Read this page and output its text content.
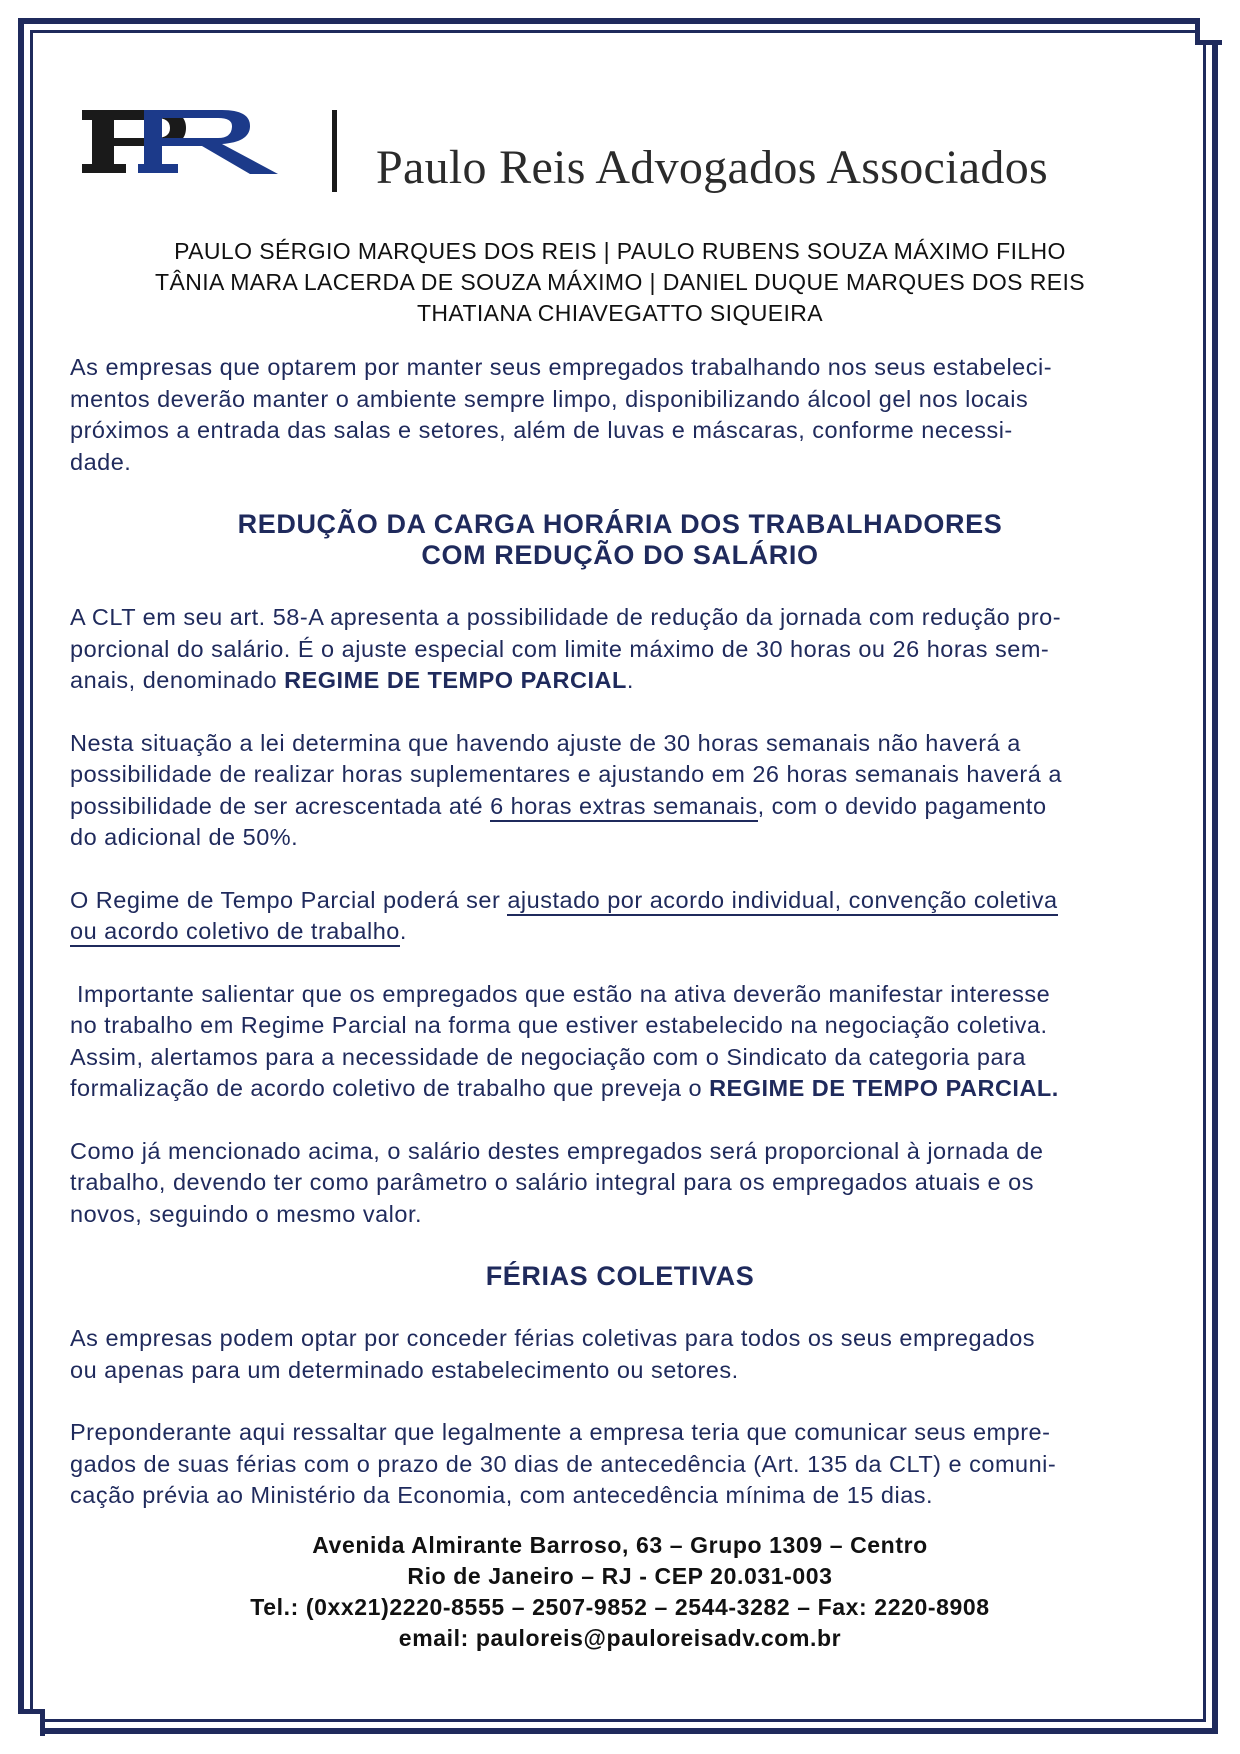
Paulo Reis Advogados Associados
PAULO SÉRGIO MARQUES DOS REIS | PAULO RUBENS SOUZA MÁXIMO FILHO
TÂNIA MARA LACERDA DE SOUZA MÁXIMO | DANIEL DUQUE MARQUES DOS REIS
THATIANA CHIAVEGATTO SIQUEIRA

As empresas que optarem por manter seus empregados trabalhando nos seus estabeleci-
mentos deverão manter o ambiente sempre limpo, disponibilizando álcool gel nos locais
próximos a entrada das salas e setores, além de luvas e máscaras, conforme necessi-
dade.

REDUÇÃO DA CARGA HORÁRIA DOS TRABALHADORES
COM REDUÇÃO DO SALÁRIO

A CLT em seu art. 58-A apresenta a possibilidade de redução da jornada com redução pro-
porcional do salário. É o ajuste especial com limite máximo de 30 horas ou 26 horas sem-
anais, denominado REGIME DE TEMPO PARCIAL.

Nesta situação a lei determina que havendo ajuste de 30 horas semanais não haverá a
possibilidade de realizar horas suplementares e ajustando em 26 horas semanais haverá a
possibilidade de ser acrescentada até 6 horas extras semanais, com o devido pagamento
do adicional de 50%.

O Regime de Tempo Parcial poderá ser ajustado por acordo individual, convenção coletiva
ou acordo coletivo de trabalho.

Importante salientar que os empregados que estão na ativa deverão manifestar interesse
no trabalho em Regime Parcial na forma que estiver estabelecido na negociação coletiva.
Assim, alertamos para a necessidade de negociação com o Sindicato da categoria para
formalização de acordo coletivo de trabalho que preveja o REGIME DE TEMPO PARCIAL.

Como já mencionado acima, o salário destes empregados será proporcional à jornada de
trabalho, devendo ter como parâmetro o salário integral para os empregados atuais e os
novos, seguindo o mesmo valor.

FÉRIAS COLETIVAS

As empresas podem optar por conceder férias coletivas para todos os seus empregados
ou apenas para um determinado estabelecimento ou setores.

Preponderante aqui ressaltar que legalmente a empresa teria que comunicar seus empre-
gados de suas férias com o prazo de 30 dias de antecedência (Art. 135 da CLT) e comuni-
cação prévia ao Ministério da Economia, com antecedência mínima de 15 dias.

Avenida Almirante Barroso, 63 – Grupo 1309 – Centro
Rio de Janeiro – RJ - CEP 20.031-003
Tel.: (0xx21)2220-8555 – 2507-9852 – 2544-3282 – Fax: 2220-8908
email: pauloreis@pauloreisadv.com.br
